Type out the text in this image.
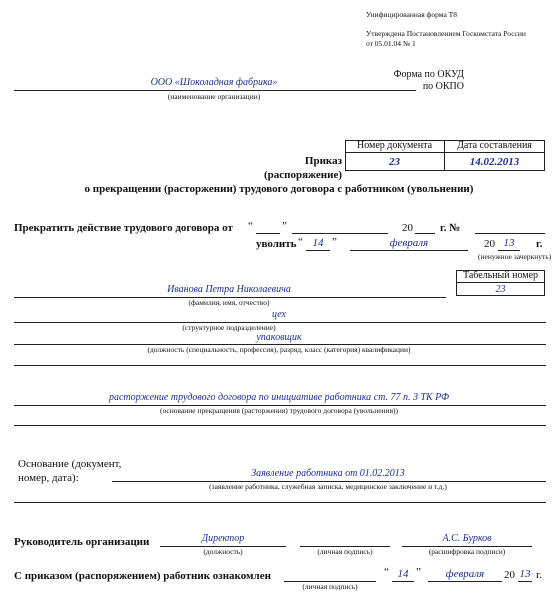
Унифицированная форма Т8
Утверждена Постановлением Госкомстата России
от 05.01.04 № 1
Форма по ОКУД
по ОКПО
ООО «Шоколадная фабрика»
(наименование организации)
Номер документа	Дата составления
23	14.02.2013
Приказ
(распоряжение)
о прекращении (расторжении) трудового договора с работником (увольнении)
Прекратить действие трудового договора от “	”	20 г. №
уволить “ 14 ”	февраля	20 13	г.
(ненужное зачеркнуть)
Табельный номер
23
Иванова Петра Николаевича
(фамилия, имя, отчество)
цех
(структурное подразделение)
упаковщик
(должность (специальность, профессия), разряд, класс (категория) квалификации)
расторжение трудового договора по инициативе работника ст. 77 п. 3 ТК РФ
(основание прекращения (расторжения) трудового договора (увольнения))
Основание (документ,
номер, дата):	Заявление работника от 01.02.2013
(заявление работника, служебная записка, медицинское заключение и т.д.)
Руководитель организации	Директор
(должность)	(личная подпись)
А.С. Бурков
(расшифровка подписи)
С приказом (распоряжением) работник ознакомлен
(личная подпись)
“ 14 ”	февраля	20 13 г.
